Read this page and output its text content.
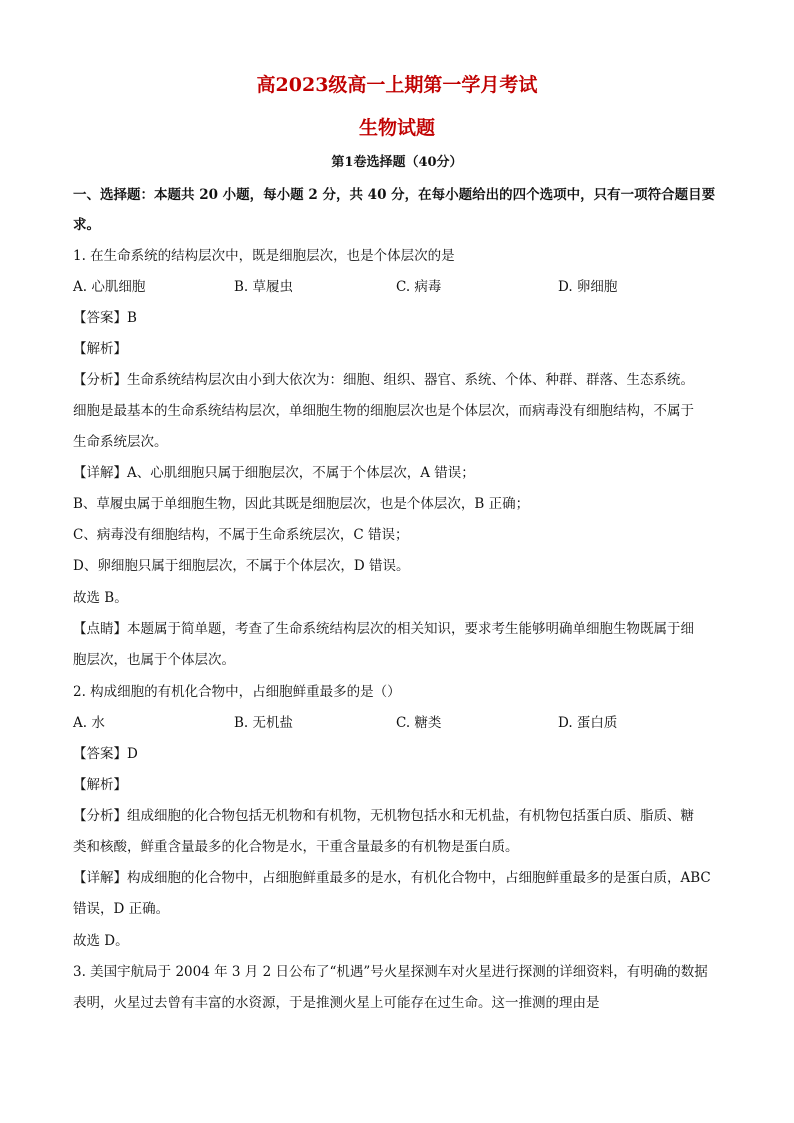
高2023级高一上期第一学月考试
生物试题
第1卷选择题（40分）
一、选择题：本题共 20 小题，每小题 2 分，共 40 分，在每小题给出的四个选项中，只有一项符合题目要
求。
1. 在生命系统的结构层次中，既是细胞层次，也是个体层次的是
A. 心肌细胞	B. 草履虫	C. 病毒	D. 卵细胞
【答案】B
【解析】
【分析】生命系统结构层次由小到大依次为：细胞、组织、器官、系统、个体、种群、群落、生态系统。
细胞是最基本的生命系统结构层次，单细胞生物的细胞层次也是个体层次，而病毒没有细胞结构，不属于
生命系统层次。
【详解】A、心肌细胞只属于细胞层次，不属于个体层次，A 错误；
B、草履虫属于单细胞生物，因此其既是细胞层次，也是个体层次，B 正确；
C、病毒没有细胞结构，不属于生命系统层次，C 错误；
D、卵细胞只属于细胞层次，不属于个体层次，D 错误。
故选 B。
【点睛】本题属于简单题，考查了生命系统结构层次的相关知识，要求考生能够明确单细胞生物既属于细
胞层次，也属于个体层次。
2. 构成细胞的有机化合物中，占细胞鲜重最多的是（）
A. 水	B. 无机盐	C. 糖类	D. 蛋白质
【答案】D
【解析】
【分析】组成细胞的化合物包括无机物和有机物，无机物包括水和无机盐，有机物包括蛋白质、脂质、糖
类和核酸，鲜重含量最多的化合物是水，干重含量最多的有机物是蛋白质。
【详解】构成细胞的化合物中，占细胞鲜重最多的是水，有机化合物中，占细胞鲜重最多的是蛋白质，ABC
错误，D 正确。
故选 D。
3. 美国宇航局于 2004 年 3 月 2 日公布了“机遇”号火星探测车对火星进行探测的详细资料，有明确的数据
表明，火星过去曾有丰富的水资源，于是推测火星上可能存在过生命。这一推测的理由是
